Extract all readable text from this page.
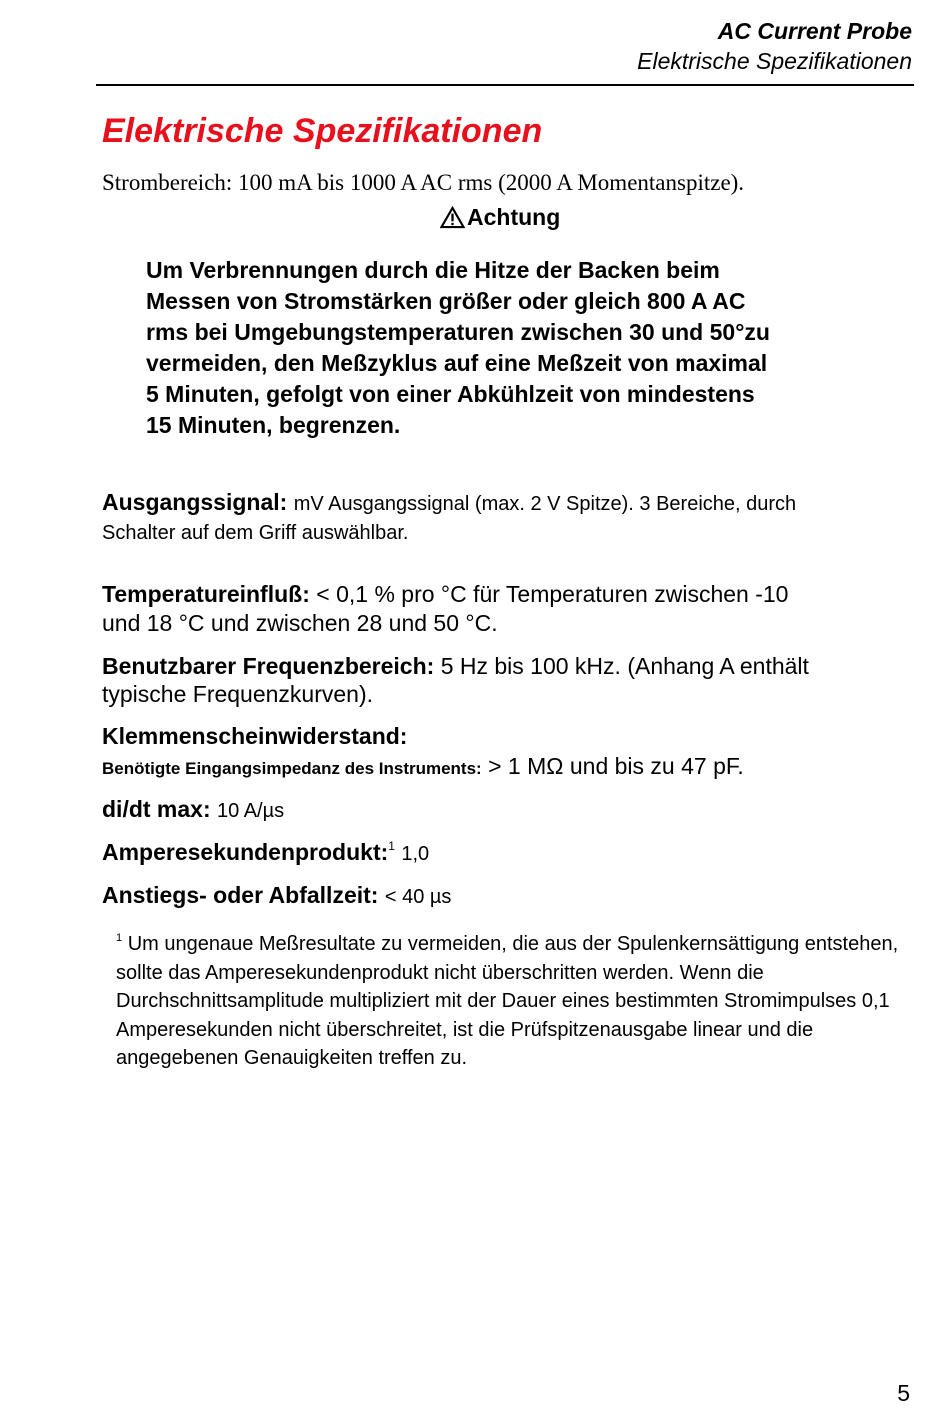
AC Current Probe
Elektrische Spezifikationen
Elektrische Spezifikationen
Strombereich: 100 mA bis 1000 A AC rms (2000 A Momentanspitze).
Achtung
Um Verbrennungen durch die Hitze der Backen beim
Messen von Stromstärken größer oder gleich 800 A AC
rms bei Umgebungstemperaturen zwischen 30 und 50°zu
vermeiden, den Meßzyklus auf eine Meßzeit von maximal
5 Minuten, gefolgt von einer Abkühlzeit von mindestens
15 Minuten, begrenzen.
Ausgangssignal: mV Ausgangssignal (max. 2 V Spitze). 3 Bereiche, durch
Schalter auf dem Griff auswählbar.
Temperatureinfluß: < 0,1 % pro °C für Temperaturen zwischen -10
und 18 °C und zwischen 28 und 50 °C.
Benutzbarer Frequenzbereich: 5 Hz bis 100 kHz. (Anhang A enthält
typische Frequenzkurven).
Klemmenscheinwiderstand:
Benötigte Eingangsimpedanz des Instruments: > 1 MΩ und bis zu 47 pF.
di/dt max: 10 A/µs
Amperesekundenprodukt:$^1$ 1,0
Anstiegs- oder Abfallzeit: < 40 µs
$^1$ Um ungenaue Meßresultate zu vermeiden, die aus der Spulenkernsättigung entstehen, sollte das Amperesekundenprodukt nicht überschritten werden. Wenn die Durchschnittsamplitude multipliziert mit der Dauer eines bestimmten Stromimpulses 0,1 Amperesekunden nicht überschreitet, ist die Prüfspitzenausgabe linear und die angegebenen Genauigkeiten treffen zu.
5
